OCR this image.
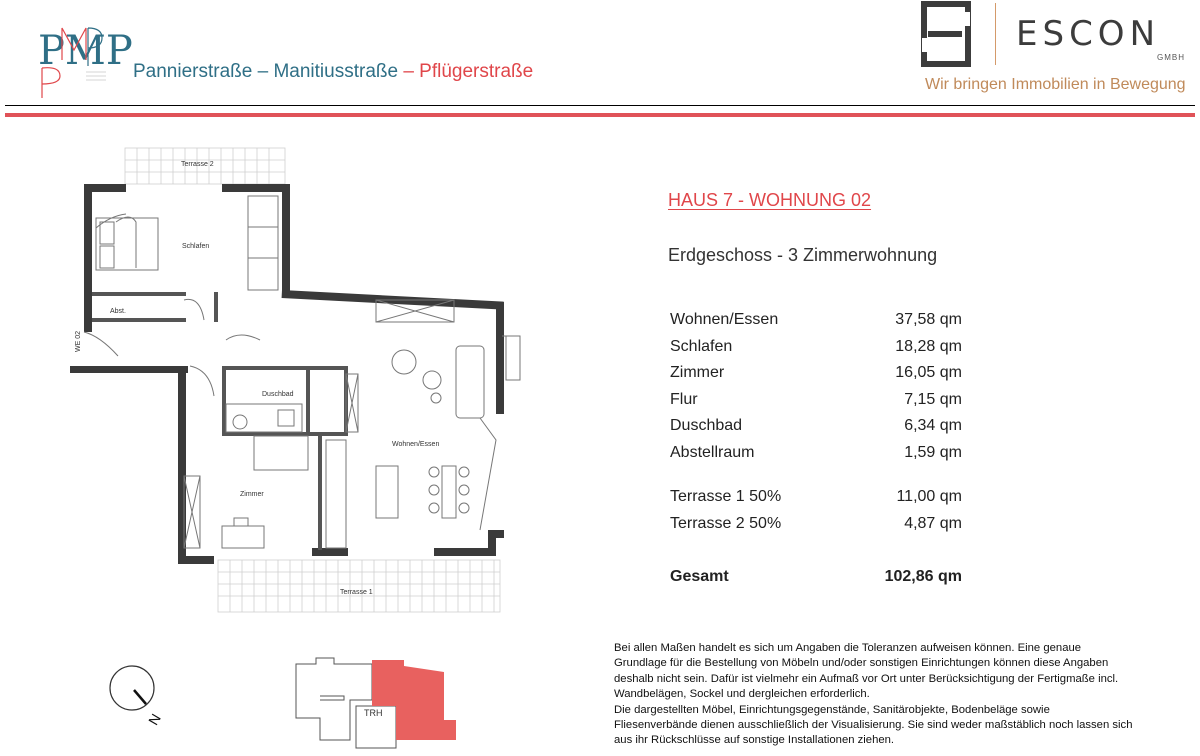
PMP Pannierstraße – Manitiusstraße – Pflügerstraße
ESCON
GMBH
Wir bringen Immobilien in Bewegung
Terrasse 2
Schlafen
Abst.
Duschbad
Wohnen/Essen
Zimmer
Terrasse 1
WE 02
HAUS 7 - WOHNUNG 02
Erdgeschoss - 3 Zimmerwohnung
Wohnen/Essen	37,58 qm
Schlafen	18,28 qm
Zimmer	16,05 qm
Flur	7,15 qm
Duschbad	6,34 qm
Abstellraum	1,59 qm
Terrasse 1 50%	11,00 qm
Terrasse 2 50%	4,87 qm
Gesamt	102,86 qm
N	TRH

Bei allen Maßen handelt es sich um Angaben die Toleranzen aufweisen können. Eine genaue Grundlage für die Bestellung von Möbeln und/oder sonstigen Einrichtungen können diese Angaben deshalb nicht sein. Dafür ist vielmehr ein Aufmaß vor Ort unter Berücksichtigung der Fertigmaße incl. Wandbelägen, Sockel und dergleichen erforderlich.

Die dargestellten Möbel, Einrichtungsgegenstände, Sanitärobjekte, Bodenbeläge sowie Fliesenverbände dienen ausschließlich der Visualisierung. Sie sind weder maßstäblich noch lassen sich aus ihr Rückschlüsse auf sonstige Installationen ziehen.
